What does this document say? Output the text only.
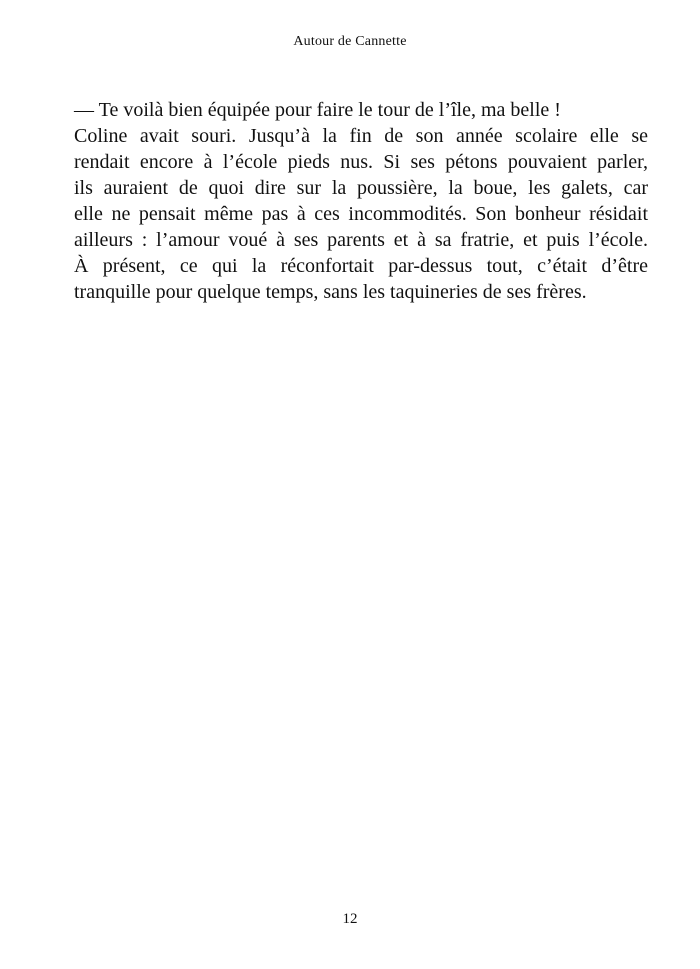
Autour de Cannette
— Te voilà bien équipée pour faire le tour de l’île, ma belle !
Coline avait souri. Jusqu’à la fin de son année scolaire elle se
rendait encore à l’école pieds nus. Si ses pétons pouvaient parler,
ils auraient de quoi dire sur la poussière, la boue, les galets, car
elle ne pensait même pas à ces incommodités. Son bonheur résidait
ailleurs : l’amour voué à ses parents et à sa fratrie, et puis l’école.
À présent, ce qui la réconfortait par-dessus tout, c’était d’être
tranquille pour quelque temps, sans les taquineries de ses frères.
12
